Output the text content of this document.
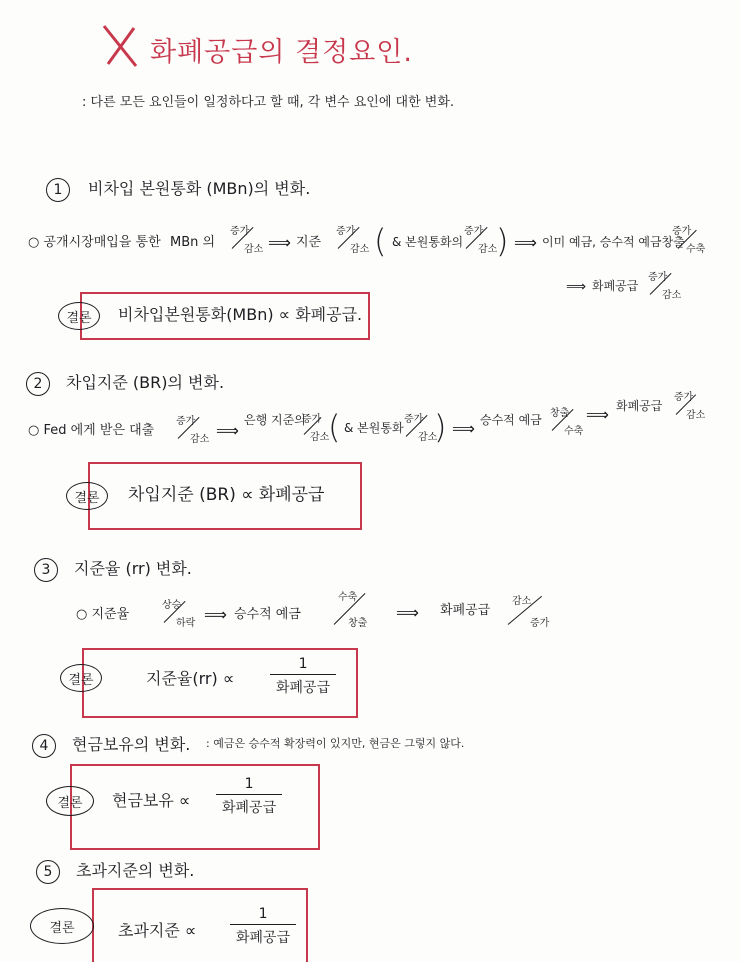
화폐공급의 결정요인.
: 다른 모든 요인들이 일정하다고 할 때, 각 변수 요인에 대한 변화.
1	비차입 본원통화 (MBn)의 변화.
○ 공개시장매입을 통한 MBn 의
증가
감소 ⟹ 지준
증가
감소 ( & 본원통화의
증가
감소
) ⟹ 이미 예금, 승수적 예금창출
증가
수축
⟹ 화폐공급
증가
감소
결론	비차입본원통화(MBn) ∝ 화폐공급.
2	차입지준 (BR)의 변화.
○ Fed 에게 받은 대출
증가
감소 ⟹
은행 지준의
증가
감소
( & 본원통화
증가
감소
) ⟹ 승수적 예금 창출
수축
⟹ 화폐공급
증가
감소
결론	차입지준 (BR) ∝ 화폐공급
3	지준율 (rr) 변화.
○ 지준율
상승
하락 ⟹ 승수적 예금
수축
창출
⟹ 화폐공급
감소
증가
결론	지준율(rr) ∝
1
화폐공급
4	현금보유의 변화. : 예금은 승수적 확장력이 있지만, 현금은 그렇지 않다.
결론	현금보유 ∝
1
화폐공급
5	초과지준의 변화.
결론	초과지준 ∝
1
화폐공급
